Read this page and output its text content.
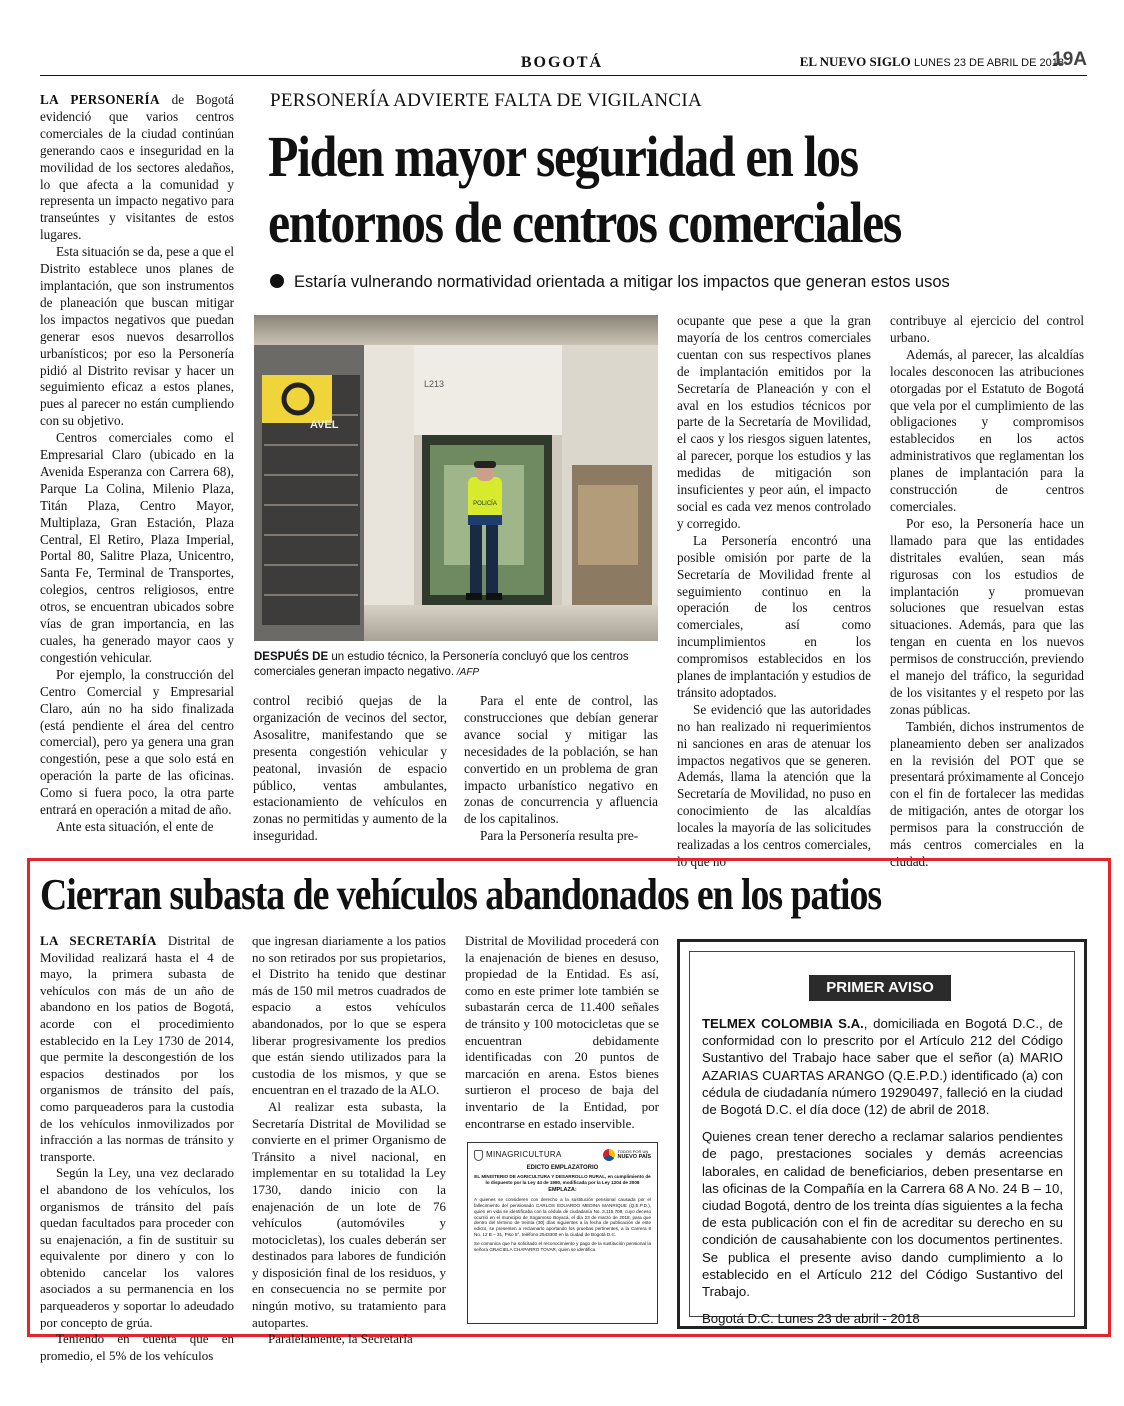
BOGOTÁ	EL NUEVO SIGLO LUNES 23 DE ABRIL DE 2018
19A
PERSONERÍA ADVIERTE FALTA DE VIGILANCIA
Piden mayor seguridad en los
entornos de centros comerciales
Estaría vulnerando normatividad orientada a mitigar los impactos que generan estos usos

LA PERSONERÍA de Bogotá evidenció que varios centros comerciales de la ciudad continúan generando caos e inseguridad en la movilidad de los sectores aledaños, lo que afecta a la comunidad y representa un impacto negativo para transeúntes y visitantes de estos lugares.

Esta situación se da, pese a que el Distrito establece unos planes de implantación, que son instrumentos de planeación que buscan mitigar los impactos negativos que puedan generar esos nuevos desarrollos urbanísticos; por eso la Personería pidió al Distrito revisar y hacer un seguimiento eficaz a estos planes, pues al parecer no están cumpliendo con su objetivo.

Centros comerciales como el Empresarial Claro (ubicado en la Avenida Esperanza con Carrera 68), Parque La Colina, Milenio Plaza, Titán Plaza, Centro Mayor, Multiplaza, Gran Estación, Plaza Central, El Retiro, Plaza Imperial, Portal 80, Salitre Plaza, Unicentro, Santa Fe, Terminal de Transportes, colegios, centros religiosos, entre otros, se encuentran ubicados sobre vías de gran importancia, en las cuales, ha generado mayor caos y congestión vehicular.

Por ejemplo, la construcción del Centro Comercial y Empresarial Claro, aún no ha sido finalizada (está pendiente el área del centro comercial), pero ya genera una gran congestión, pese a que solo está en operación la parte de las oficinas. Como si fuera poco, la otra parte entrará en operación a mitad de año.

Ante esta situación, el ente de

AVEL
L213
POLICÍA
DESPUÉS DE un estudio técnico, la Personería concluyó que los centros comerciales generan impacto negativo. /AFP

control recibió quejas de la organización de vecinos del sector, Asosalitre, manifestando que se presenta congestión vehicular y peatonal, invasión de espacio público, ventas ambulantes, estacionamiento de vehículos en zonas no permitidas y aumento de la inseguridad.

Para el ente de control, las construcciones que debían generar avance social y mitigar las necesidades de la población, se han convertido en un problema de gran impacto urbanístico negativo en zonas de concurrencia y afluencia de los capitalinos.

Para la Personería resulta pre-

ocupante que pese a que la gran mayoría de los centros comerciales cuentan con sus respectivos planes de implantación emitidos por la Secretaría de Planeación y con el aval en los estudios técnicos por parte de la Secretaría de Movilidad, el caos y los riesgos siguen latentes, al parecer, porque los estudios y las medidas de mitigación son insuficientes y peor aún, el impacto social es cada vez menos controlado y corregido.

La Personería encontró una posible omisión por parte de la Secretaría de Movilidad frente al seguimiento continuo en la operación de los centros comerciales, así como incumplimientos en los compromisos establecidos en los planes de implantación y estudios de tránsito adoptados.

Se evidenció que las autoridades no han realizado ni requerimientos ni sanciones en aras de atenuar los impactos negativos que se generen. Además, llama la atención que la Secretaría de Movilidad, no puso en conocimiento de las alcaldías locales la mayoría de las solicitudes realizadas a los centros comerciales, lo que no

contribuye al ejercicio del control urbano.

Además, al parecer, las alcaldías locales desconocen las atribuciones otorgadas por el Estatuto de Bogotá que vela por el cumplimiento de las obligaciones y compromisos establecidos en los actos administrativos que reglamentan los planes de implantación para la construcción de centros comerciales.

Por eso, la Personería hace un llamado para que las entidades distritales evalúen, sean más rigurosas con los estudios de implantación y promuevan soluciones que resuelvan estas situaciones. Además, para que las tengan en cuenta en los nuevos permisos de construcción, previendo el manejo del tráfico, la seguridad de los visitantes y el respeto por las zonas públicas.

También, dichos instrumentos de planeamiento deben ser analizados en la revisión del POT que se presentará próximamente al Concejo con el fin de fortalecer las medidas de mitigación, antes de otorgar los permisos para la construcción de más centros comerciales en la ciudad.

Cierran subasta de vehículos abandonados en los patios

LA SECRETARÍA Distrital de Movilidad realizará hasta el 4 de mayo, la primera subasta de vehículos con más de un año de abandono en los patios de Bogotá, acorde con el procedimiento establecido en la Ley 1730 de 2014, que permite la descongestión de los espacios destinados por los organismos de tránsito del país, como parqueaderos para la custodia de los vehículos inmovilizados por infracción a las normas de tránsito y transporte.

Según la Ley, una vez declarado el abandono de los vehículos, los organismos de tránsito del país quedan facultados para proceder con su enajenación, a fin de sustituir su equivalente por dinero y con lo obtenido cancelar los valores asociados a su permanencia en los parqueaderos y soportar lo adeudado por concepto de grúa.

Teniendo en cuenta que en promedio, el 5% de los vehículos

que ingresan diariamente a los patios no son retirados por sus propietarios, el Distrito ha tenido que destinar más de 150 mil metros cuadrados de espacio a estos vehículos abandonados, por lo que se espera liberar progresivamente los predios que están siendo utilizados para la custodia de los mismos, y que se encuentran en el trazado de la ALO.

Al realizar esta subasta, la Secretaría Distrital de Movilidad se convierte en el primer Organismo de Tránsito a nivel nacional, en implementar en su totalidad la Ley 1730, dando inicio con la enajenación de un lote de 76 vehículos (automóviles y motocicletas), los cuales deberán ser destinados para labores de fundición y disposición final de los residuos, y en consecuencia no se permite por ningún motivo, su tratamiento para autopartes.

Paralelamente, la Secretaría

Distrital de Movilidad procederá con la enajenación de bienes en desuso, propiedad de la Entidad. Es así, como en este primer lote también se subastarán cerca de 11.400 señales de tránsito y 100 motocicletas que se encuentran debidamente identificadas con 20 puntos de marcación en arena. Estos bienes surtieron el proceso de baja del inventario de la Entidad, por encontrarse en estado inservible.

MINAGRICULTURA	TODOS POR UN
NUEVO PAÍS
EDICTO EMPLAZATORIO
EL MINISTERIO DE AGRICULTURA Y DESARROLLO RURAL, en cumplimiento de lo dispuesto por la Ley 44 de 1980, modificada por la Ley 1204 de 2008
EMPLAZA:
A quienes se consideren con derecho a la sustitución pensional causada por el fallecimiento del pensionado CARLOS EDUARDO MEDINA MANRIQUE (Q.E.P.D.), quien en vida se identificaba con la cédula de ciudadanía No. 3.115.709, cuyo deceso ocurrió en el municipio de Sogamoso Boyacá, el día 23 de marzo de 2018, para que dentro del término de treinta (30) días siguientes a la fecha de publicación de este edicto, se presenten a reclamarlo aportando los pruebas pertinentes, a la Carrera 8 No. 12 B – 31, Piso 5°, teléfono 2543300 en la ciudad de Bogotá D.C.
Se comunica que ha solicitado el reconocimiento y pago de la sustitución pensional la señora GRACIELA CHAPARRO TOVAR, quien se identifica.
PRIMER AVISO

TELMEX COLOMBIA S.A., domiciliada en Bogotá D.C., de conformidad con lo prescrito por el Artículo 212 del Código Sustantivo del Trabajo hace saber que el señor (a) MARIO AZARIAS CUARTAS ARANGO (Q.E.P.D.) identificado (a) con cédula de ciudadanía número 19290497, falleció en la ciudad de Bogotá D.C. el día doce (12) de abril de 2018.

Quienes crean tener derecho a reclamar salarios pendientes de pago, prestaciones sociales y demás acreencias laborales, en calidad de beneficiarios, deben presentarse en las oficinas de la Compañía en la Carrera 68 A No. 24 B – 10, ciudad Bogotá, dentro de los treinta días siguientes a la fecha de esta publicación con el fin de acreditar su derecho en su condición de causahabiente con los documentos pertinentes. Se publica el presente aviso dando cumplimiento a lo establecido en el Artículo 212 del Código Sustantivo del Trabajo.

Bogotá D.C. Lunes 23 de abril - 2018
